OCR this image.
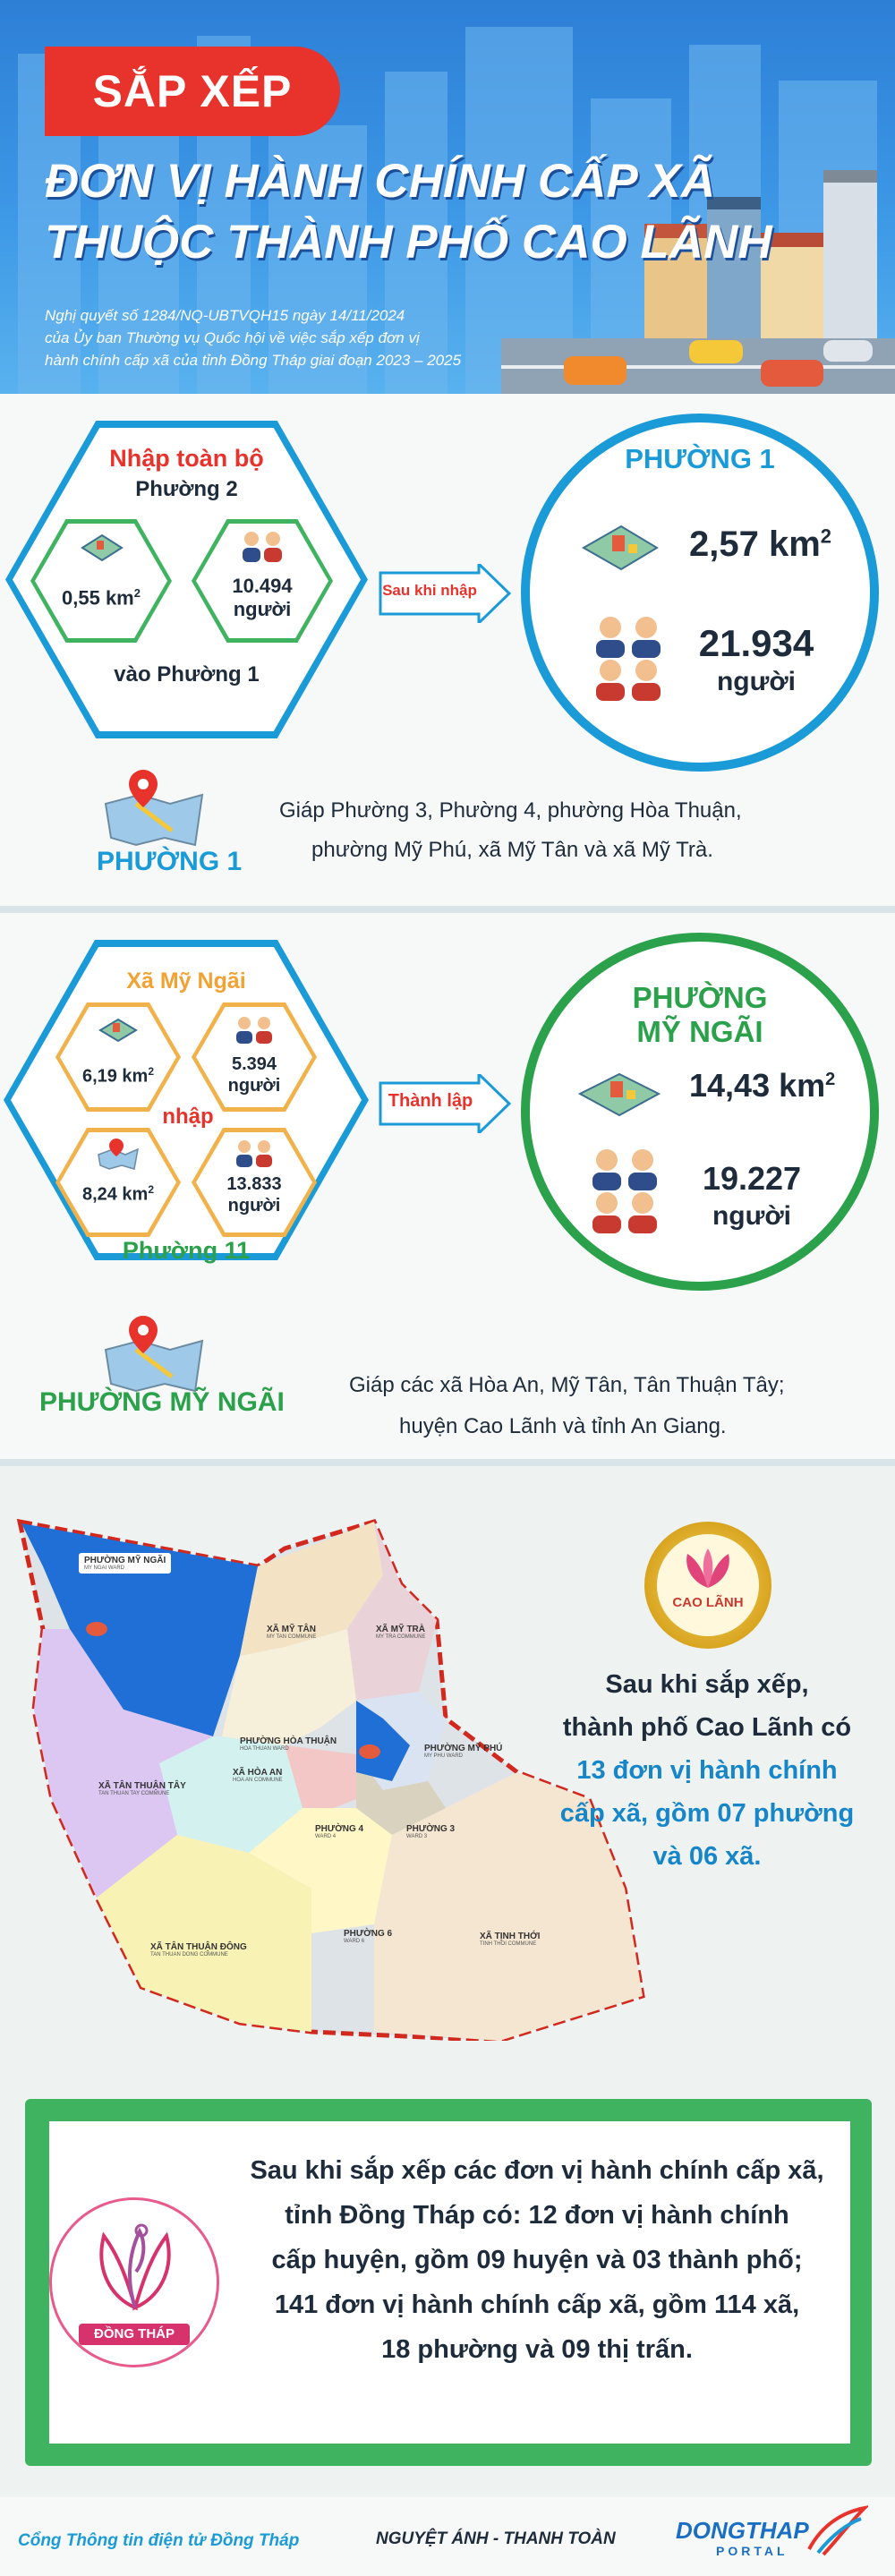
SẮP XẾP
ĐƠN VỊ HÀNH CHÍNH CẤP XÃ
THUỘC THÀNH PHỐ CAO LÃNH
Nghị quyết số 1284/NQ-UBTVQH15 ngày 14/11/2024
của Ủy ban Thường vụ Quốc hội về việc sắp xếp đơn vị
hành chính cấp xã của tỉnh Đồng Tháp giai đoạn 2023 – 2025
Nhập toàn bộ
Phường 2
0,55 $km^2$	10.494
người
vào Phường 1
Sau khi nhập
PHƯỜNG 1
2,57 $km^2$
21.934
người
PHƯỜNG 1
Giáp Phường 3, Phường 4, phường Hòa Thuận,
phường Mỹ Phú, xã Mỹ Tân và xã Mỹ Trà.
Xã Mỹ Ngãi
6,19 $km^2$	5.394
người
nhập
8,24 $km^2$	13.833
người
Phường 11
Thành lập
PHƯỜNG
MỸ NGÃI
14,43 $km^2$
19.227
người
PHƯỜNG MỸ NGÃI
Giáp các xã Hòa An, Mỹ Tân, Tân Thuận Tây;
huyện Cao Lãnh và tỉnh An Giang.
PHƯỜNG MỸ NGÃI
MY NGAI WARD
XÃ MỸ TÂN
MY TAN COMMUNE
XÃ MỸ TRÀ
MY TRA COMMUNE
PHƯỜNG HÒA THUẬN
HOA THUAN WARD
XÃ HÒA AN
HOA AN COMMUNE
PHƯỜNG MỸ PHÚ
MY PHU WARD
XÃ TÂN THUẬN TÂY
TAN THUAN TAY COMMUNE
PHƯỜNG 4
WARD 4
PHƯỜNG 3
WARD 3
XÃ TÂN THUẬN ĐÔNG
TAN THUAN DONG COMMUNE
PHƯỜNG 6
WARD 6	XÃ TỊNH THỚI
TINH THOI COMMUNE
CAO LÃNH
Sau khi sắp xếp,
thành phố Cao Lãnh có
13 đơn vị hành chính
cấp xã, gồm 07 phường
và 06 xã.
ĐỒNG THÁP
Sau khi sắp xếp các đơn vị hành chính cấp xã,
tỉnh Đồng Tháp có: 12 đơn vị hành chính
cấp huyện, gồm 09 huyện và 03 thành phố;
141 đơn vị hành chính cấp xã, gồm 114 xã,
18 phường và 09 thị trấn.
Cổng Thông tin điện tử Đồng Tháp	NGUYỆT ÁNH - THANH TOÀN	DONGTHAP
PORTAL
